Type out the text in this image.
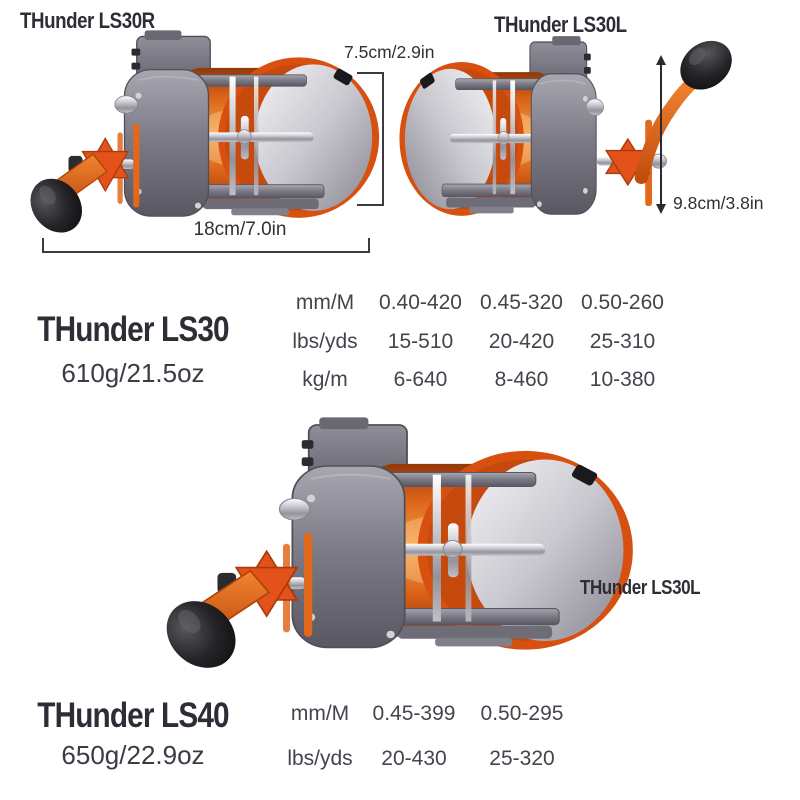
THunder LS30R	THunder LS30L
7.5cm/2.9in
18cm/7.0in
9.8cm/3.8in
THunder LS30
610g/21.5oz
mm/M	0.40-420 0.45-320 0.50-260
lbs/yds	15-510	20-420	25-310
kg/m	6-640	8-460	10-380
THunder LS30L
THunder LS40
650g/22.9oz
mm/M	0.45-399	0.50-295
lbs/yds	20-430	25-320
